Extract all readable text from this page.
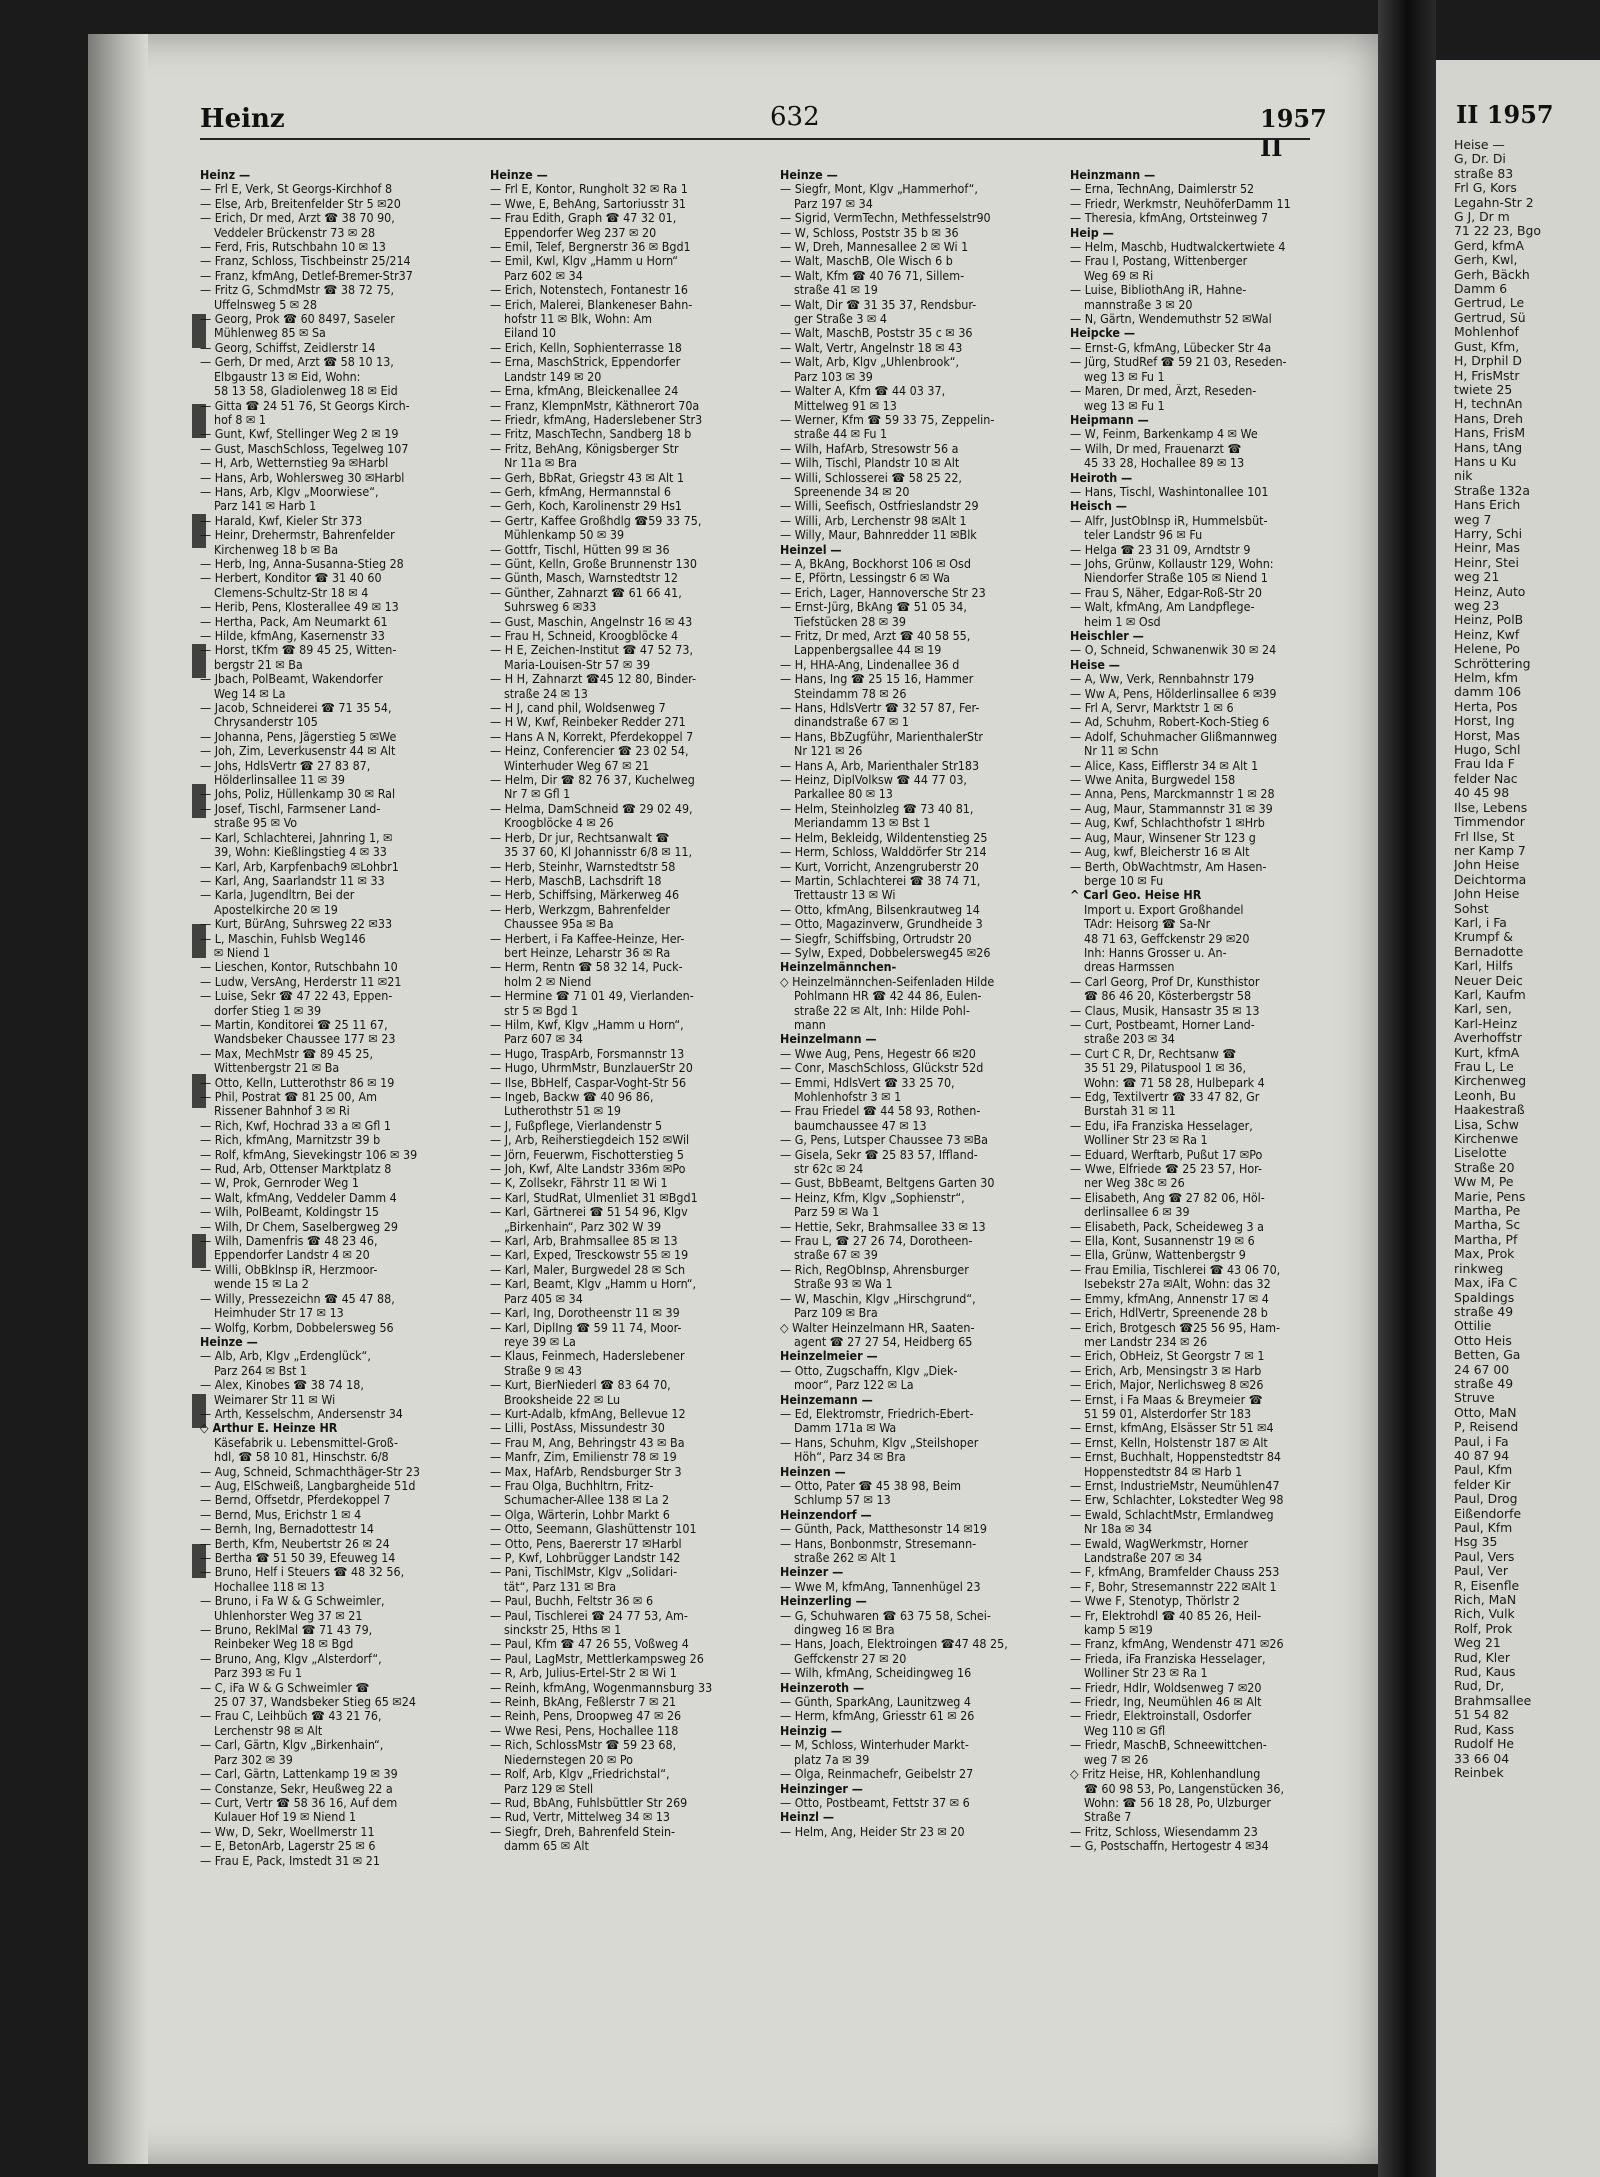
Heinz	632	1957 II
Heinz —
— Frl E, Verk, St Georgs-Kirchhof 8
— Else, Arb, Breitenfelder Str 5 ✉20
— Erich, Dr med, Arzt ☎ 38 70 90,
Veddeler Brückenstr 73 ✉ 28
— Ferd, Fris, Rutschbahn 10 ✉ 13
— Franz, Schloss, Tischbeinstr 25/214
— Franz, kfmAng, Detlef-Bremer-Str37
— Fritz G, SchmdMstr ☎ 38 72 75,
Uffelnsweg 5 ✉ 28
— Georg, Prok ☎ 60 8497, Saseler
Mühlenweg 85 ✉ Sa
— Georg, Schiffst, Zeidlerstr 14
— Gerh, Dr med, Arzt ☎ 58 10 13,
Elbgaustr 13 ✉ Eid, Wohn:
58 13 58, Gladiolenweg 18 ✉ Eid
— Gitta ☎ 24 51 76, St Georgs Kirch-
hof 8 ✉ 1
— Gunt, Kwf, Stellinger Weg 2 ✉ 19
— Gust, MaschSchloss, Tegelweg 107
— H, Arb, Wetternstieg 9a ✉Harbl
— Hans, Arb, Wohlersweg 30 ✉Harbl
— Hans, Arb, Klgv „Moorwiese“,
Parz 141 ✉ Harb 1
— Harald, Kwf, Kieler Str 373
— Heinr, Drehermstr, Bahrenfelder
Kirchenweg 18 b ✉ Ba
— Herb, Ing, Anna-Susanna-Stieg 28
— Herbert, Konditor ☎ 31 40 60
Clemens-Schultz-Str 18 ✉ 4
— Herib, Pens, Klosterallee 49 ✉ 13
— Hertha, Pack, Am Neumarkt 61
— Hilde, kfmAng, Kasernenstr 33
— Horst, tKfm ☎ 89 45 25, Witten-
bergstr 21 ✉ Ba
— Jbach, PolBeamt, Wakendorfer
Weg 14 ✉ La
— Jacob, Schneiderei ☎ 71 35 54,
Chrysanderstr 105
— Johanna, Pens, Jägerstieg 5 ✉We
— Joh, Zim, Leverkusenstr 44 ✉ Alt
— Johs, HdlsVertr ☎ 27 83 87,
Hölderlinsallee 11 ✉ 39
— Johs, Poliz, Hüllenkamp 30 ✉ Ral
— Josef, Tischl, Farmsener Land-
straße 95 ✉ Vo
— Karl, Schlachterei, Jahnring 1, ✉
39, Wohn: Kießlingstieg 4 ✉ 33
— Karl, Arb, Karpfenbach9 ✉Lohbr1
— Karl, Ang, Saarlandstr 11 ✉ 33
— Karla, Jugendltrn, Bei der
Apostelkirche 20 ✉ 19
— Kurt, BürAng, Suhrsweg 22 ✉33
— L, Maschin, Fuhlsb Weg146
✉ Niend 1
— Lieschen, Kontor, Rutschbahn 10
— Ludw, VersAng, Herderstr 11 ✉21
— Luise, Sekr ☎ 47 22 43, Eppen-
dorfer Stieg 1 ✉ 39
— Martin, Konditorei ☎ 25 11 67,
Wandsbeker Chaussee 177 ✉ 23
— Max, MechMstr ☎ 89 45 25,
Wittenbergstr 21 ✉ Ba
— Otto, Kelln, Lutterothstr 86 ✉ 19
— Phil, Postrat ☎ 81 25 00, Am
Rissener Bahnhof 3 ✉ Ri
— Rich, Kwf, Hochrad 33 a ✉ Gfl 1
— Rich, kfmAng, Marnitzstr 39 b
— Rolf, kfmAng, Sievekingstr 106 ✉ 39
— Rud, Arb, Ottenser Marktplatz 8
— W, Prok, Gernroder Weg 1
— Walt, kfmAng, Veddeler Damm 4
— Wilh, PolBeamt, Koldingstr 15
— Wilh, Dr Chem, Saselbergweg 29
— Wilh, Damenfris ☎ 48 23 46,
Eppendorfer Landstr 4 ✉ 20
— Willi, ObBklnsp iR, Herzmoor-
wende 15 ✉ La 2
— Willy, Pressezeichn ☎ 45 47 88,
Heimhuder Str 17 ✉ 13
— Wolfg, Korbm, Dobbelersweg 56
Heinze —
— Alb, Arb, Klgv „Erdenglück“,
Parz 264 ✉ Bst 1
— Alex, Kinobes ☎ 38 74 18,
Weimarer Str 11 ✉ Wi
— Arth, Kesselschm, Andersenstr 34
◇ Arthur E. Heinze HR
Käsefabrik u. Lebensmittel-Groß-
hdl, ☎ 58 10 81, Hinschstr. 6/8
— Aug, Schneid, Schmachthäger-Str 23
— Aug, ElSchweiß, Langbargheide 51d
— Bernd, Offsetdr, Pferdekoppel 7
— Bernd, Mus, Erichstr 1 ✉ 4
— Bernh, Ing, Bernadottestr 14
— Berth, Kfm, Neubertstr 26 ✉ 24
— Bertha ☎ 51 50 39, Efeuweg 14
— Bruno, Helf i Steuers ☎ 48 32 56,
Hochallee 118 ✉ 13
— Bruno, i Fa W & G Schweimler,
Uhlenhorster Weg 37 ✉ 21
— Bruno, ReklMal ☎ 71 43 79,
Reinbeker Weg 18 ✉ Bgd
— Bruno, Ang, Klgv „Alsterdorf“,
Parz 393 ✉ Fu 1
— C, iFa W & G Schweimler ☎
25 07 37, Wandsbeker Stieg 65 ✉24
— Frau C, Leihbüch ☎ 43 21 76,
Lerchenstr 98 ✉ Alt
— Carl, Gärtn, Klgv „Birkenhain“,
Parz 302 ✉ 39
— Carl, Gärtn, Lattenkamp 19 ✉ 39
— Constanze, Sekr, Heußweg 22 a
— Curt, Vertr ☎ 58 36 16, Auf dem
Kulauer Hof 19 ✉ Niend 1
— Ww, D, Sekr, Woellmerstr 11
— E, BetonArb, Lagerstr 25 ✉ 6
— Frau E, Pack, Imstedt 31 ✉ 21
Heinze —
— Frl E, Kontor, Rungholt 32 ✉ Ra 1
— Wwe, E, BehAng, Sartoriusstr 31
— Frau Edith, Graph ☎ 47 32 01,
Eppendorfer Weg 237 ✉ 20
— Emil, Telef, Bergnerstr 36 ✉ Bgd1
— Emil, Kwl, Klgv „Hamm u Horn“
Parz 602 ✉ 34
— Erich, Notenstech, Fontanestr 16
— Erich, Malerei, Blankeneser Bahn-
hofstr 11 ✉ Blk, Wohn: Am
Eiland 10
— Erich, Kelln, Sophienterrasse 18
— Erna, MaschStrick, Eppendorfer
Landstr 149 ✉ 20
— Erna, kfmAng, Bleickenallee 24
— Franz, KlempnMstr, Käthnerort 70a
— Friedr, kfmAng, Haderslebener Str3
— Fritz, MaschTechn, Sandberg 18 b
— Fritz, BehAng, Königsberger Str
Nr 11a ✉ Bra
— Gerh, BbRat, Griegstr 43 ✉ Alt 1
— Gerh, kfmAng, Hermannstal 6
— Gerh, Koch, Karolinenstr 29 Hs1
— Gertr, Kaffee Großhdlg ☎59 33 75,
Mühlenkamp 50 ✉ 39
— Gottfr, Tischl, Hütten 99 ✉ 36
— Günt, Kelln, Große Brunnenstr 130
— Günth, Masch, Warnstedtstr 12
— Günther, Zahnarzt ☎ 61 66 41,
Suhrsweg 6 ✉33
— Gust, Maschin, Angelnstr 16 ✉ 43
— Frau H, Schneid, Kroogblöcke 4
— H E, Zeichen-Institut ☎ 47 52 73,
Maria-Louisen-Str 57 ✉ 39
— H H, Zahnarzt ☎45 12 80, Binder-
straße 24 ✉ 13
— H J, cand phil, Woldsenweg 7
— H W, Kwf, Reinbeker Redder 271
— Hans A N, Korrekt, Pferdekoppel 7
— Heinz, Conferencier ☎ 23 02 54,
Winterhuder Weg 67 ✉ 21
— Helm, Dir ☎ 82 76 37, Kuchelweg
Nr 7 ✉ Gfl 1
— Helma, DamSchneid ☎ 29 02 49,
Kroogblöcke 4 ✉ 26
— Herb, Dr jur, Rechtsanwalt ☎
35 37 60, Kl Johannisstr 6/8 ✉ 11,
— Herb, Steinhr, Warnstedtstr 58
— Herb, MaschB, Lachsdrift 18
— Herb, Schiffsing, Märkerweg 46
— Herb, Werkzgm, Bahrenfelder
Chaussee 95a ✉ Ba
— Herbert, i Fa Kaffee-Heinze, Her-
bert Heinze, Leharstr 36 ✉ Ra
— Herm, Rentn ☎ 58 32 14, Puck-
holm 2 ✉ Niend
— Hermine ☎ 71 01 49, Vierlanden-
str 5 ✉ Bgd 1
— Hilm, Kwf, Klgv „Hamm u Horn“,
Parz 607 ✉ 34
— Hugo, TraspArb, Forsmannstr 13
— Hugo, UhrmMstr, BunzlauerStr 20
— Ilse, BbHelf, Caspar-Voght-Str 56
— Ingeb, Backw ☎ 40 96 86,
Lutherothstr 51 ✉ 19
— J, Fußpflege, Vierlandenstr 5
— J, Arb, Reiherstiegdeich 152 ✉Wil
— Jörn, Feuerwm, Fischotterstieg 5
— Joh, Kwf, Alte Landstr 336m ✉Po
— K, Zollsekr, Fährstr 11 ✉ Wi 1
— Karl, StudRat, Ulmenliet 31 ✉Bgd1
— Karl, Gärtnerei ☎ 51 54 96, Klgv
„Birkenhain“, Parz 302 W 39
— Karl, Arb, Brahmsallee 85 ✉ 13
— Karl, Exped, Tresckowstr 55 ✉ 19
— Karl, Maler, Burgwedel 28 ✉ Sch
— Karl, Beamt, Klgv „Hamm u Horn“,
Parz 405 ✉ 34
— Karl, Ing, Dorotheenstr 11 ✉ 39
— Karl, DiplIng ☎ 59 11 74, Moor-
reye 39 ✉ La
— Klaus, Feinmech, Haderslebener
Straße 9 ✉ 43
— Kurt, BierNiederl ☎ 83 64 70,
Brooksheide 22 ✉ Lu
— Kurt-Adalb, kfmAng, Bellevue 12
— Lilli, PostAss, Missundestr 30
— Frau M, Ang, Behringstr 43 ✉ Ba
— Manfr, Zim, Emilienstr 78 ✉ 19
— Max, HafArb, Rendsburger Str 3
— Frau Olga, Buchhltrn, Fritz-
Schumacher-Allee 138 ✉ La 2
— Olga, Wärterin, Lohbr Markt 6
— Otto, Seemann, Glashüttenstr 101
— Otto, Pens, Baererstr 17 ✉Harbl
— P, Kwf, Lohbrügger Landstr 142
— Pani, TischlMstr, Klgv „Solidari-
tät“, Parz 131 ✉ Bra
— Paul, Buchh, Feltstr 36 ✉ 6
— Paul, Tischlerei ☎ 24 77 53, Am-
sinckstr 25, Hths ✉ 1
— Paul, Kfm ☎ 47 26 55, Voßweg 4
— Paul, LagMstr, Mettlerkampsweg 26
— R, Arb, Julius-Ertel-Str 2 ✉ Wi 1
— Reinh, kfmAng, Wogenmannsburg 33
— Reinh, BkAng, Feßlerstr 7 ✉ 21
— Reinh, Pens, Droopweg 47 ✉ 26
— Wwe Resi, Pens, Hochallee 118
— Rich, SchlossMstr ☎ 59 23 68,
Niedernstegen 20 ✉ Po
— Rolf, Arb, Klgv „Friedrichstal“,
Parz 129 ✉ Stell
— Rud, BbAng, Fuhlsbüttler Str 269
— Rud, Vertr, Mittelweg 34 ✉ 13
— Siegfr, Dreh, Bahrenfeld Stein-
damm 65 ✉ Alt
Heinze —
— Siegfr, Mont, Klgv „Hammerhof“,
Parz 197 ✉ 34
— Sigrid, VermTechn, Methfesselstr90
— W, Schloss, Poststr 35 b ✉ 36
— W, Dreh, Mannesallee 2 ✉ Wi 1
— Walt, MaschB, Ole Wisch 6 b
— Walt, Kfm ☎ 40 76 71, Sillem-
straße 41 ✉ 19
— Walt, Dir ☎ 31 35 37, Rendsbur-
ger Straße 3 ✉ 4
— Walt, MaschB, Poststr 35 c ✉ 36
— Walt, Vertr, Angelnstr 18 ✉ 43
— Walt, Arb, Klgv „Uhlenbrook“,
Parz 103 ✉ 39
— Walter A, Kfm ☎ 44 03 37,
Mittelweg 91 ✉ 13
— Werner, Kfm ☎ 59 33 75, Zeppelin-
straße 44 ✉ Fu 1
— Wilh, HafArb, Stresowstr 56 a
— Wilh, Tischl, Plandstr 10 ✉ Alt
— Willi, Schlosserei ☎ 58 25 22,
Spreenende 34 ✉ 20
— Willi, Seefisch, Ostfrieslandstr 29
— Willi, Arb, Lerchenstr 98 ✉Alt 1
— Willy, Maur, Bahnredder 11 ✉Blk
Heinzel —
— A, BkAng, Bockhorst 106 ✉ Osd
— E, Pförtn, Lessingstr 6 ✉ Wa
— Erich, Lager, Hannoversche Str 23
— Ernst-Jürg, BkAng ☎ 51 05 34,
Tiefstücken 28 ✉ 39
— Fritz, Dr med, Arzt ☎ 40 58 55,
Lappenbergsallee 44 ✉ 19
— H, HHA-Ang, Lindenallee 36 d
— Hans, Ing ☎ 25 15 16, Hammer
Steindamm 78 ✉ 26
— Hans, HdlsVertr ☎ 32 57 87, Fer-
dinandstraße 67 ✉ 1
— Hans, BbZugführ, MarienthalerStr
Nr 121 ✉ 26
— Hans A, Arb, Marienthaler Str183
— Heinz, DiplVolksw ☎ 44 77 03,
Parkallee 80 ✉ 13
— Helm, Steinholzleg ☎ 73 40 81,
Meriandamm 13 ✉ Bst 1
— Helm, Bekleidg, Wildentenstieg 25
— Herm, Schloss, Walddörfer Str 214
— Kurt, Vorricht, Anzengruberstr 20
— Martin, Schlachterei ☎ 38 74 71,
Trettaustr 13 ✉ Wi
— Otto, kfmAng, Bilsenkrautweg 14
— Otto, Magazinverw, Grundheide 3
— Siegfr, Schiffsbing, Ortrudstr 20
— Sylw, Exped, Dobbelersweg45 ✉26
Heinzelmännchen-
◇ Heinzelmännchen-Seifenladen Hilde
Pohlmann HR ☎ 42 44 86, Eulen-
straße 22 ✉ Alt, Inh: Hilde Pohl-
mann
Heinzelmann —
— Wwe Aug, Pens, Hegestr 66 ✉20
— Conr, MaschSchloss, Glückstr 52d
— Emmi, HdlsVert ☎ 33 25 70,
Mohlenhofstr 3 ✉ 1
— Frau Friedel ☎ 44 58 93, Rothen-
baumchaussee 47 ✉ 13
— G, Pens, Lutsper Chaussee 73 ✉Ba
— Gisela, Sekr ☎ 25 83 57, Iffland-
str 62c ✉ 24
— Gust, BbBeamt, Beltgens Garten 30
— Heinz, Kfm, Klgv „Sophienstr“,
Parz 59 ✉ Wa 1
— Hettie, Sekr, Brahmsallee 33 ✉ 13
— Frau L, ☎ 27 26 74, Dorotheen-
straße 67 ✉ 39
— Rich, RegObInsp, Ahrensburger
Straße 93 ✉ Wa 1
— W, Maschin, Klgv „Hirschgrund“,
Parz 109 ✉ Bra
◇ Walter Heinzelmann HR, Saaten-
agent ☎ 27 27 54, Heidberg 65
Heinzelmeier —
— Otto, Zugschaffn, Klgv „Diek-
moor“, Parz 122 ✉ La
Heinzemann —
— Ed, Elektromstr, Friedrich-Ebert-
Damm 171a ✉ Wa
— Hans, Schuhm, Klgv „Steilshoper
Höh“, Parz 34 ✉ Bra
Heinzen —
— Otto, Pater ☎ 45 38 98, Beim
Schlump 57 ✉ 13
Heinzendorf —
— Günth, Pack, Matthesonstr 14 ✉19
— Hans, Bonbonmstr, Stresemann-
straße 262 ✉ Alt 1
Heinzer —
— Wwe M, kfmAng, Tannenhügel 23
Heinzerling —
— G, Schuhwaren ☎ 63 75 58, Schei-
dingweg 16 ✉ Bra
— Hans, Joach, Elektroingen ☎47 48 25,
Geffckenstr 27 ✉ 20
— Wilh, kfmAng, Scheidingweg 16
Heinzeroth —
— Günth, SparkAng, Launitzweg 4
— Herm, kfmAng, Griesstr 61 ✉ 26
Heinzig —
— M, Schloss, Winterhuder Markt-
platz 7a ✉ 39
— Olga, Reinmachefr, Geibelstr 27
Heinzinger —
— Otto, Postbeamt, Fettstr 37 ✉ 6
Heinzl —
— Helm, Ang, Heider Str 23 ✉ 20
Heinzmann —
— Erna, TechnAng, Daimlerstr 52
— Friedr, Werkmstr, NeuhöferDamm 11
— Theresia, kfmAng, Ortsteinweg 7
Heip —
— Helm, Maschb, Hudtwalckertwiete 4
— Frau I, Postang, Wittenberger
Weg 69 ✉ Ri
— Luise, BibliothAng iR, Hahne-
mannstraße 3 ✉ 20
— N, Gärtn, Wendemuthstr 52 ✉Wal
Heipcke —
— Ernst-G, kfmAng, Lübecker Str 4a
— Jürg, StudRef ☎ 59 21 03, Reseden-
weg 13 ✉ Fu 1
— Maren, Dr med, Ärzt, Reseden-
weg 13 ✉ Fu 1
Heipmann —
— W, Feinm, Barkenkamp 4 ✉ We
— Wilh, Dr med, Frauenarzt ☎
45 33 28, Hochallee 89 ✉ 13
Heiroth —
— Hans, Tischl, Washintonallee 101
Heisch —
— Alfr, JustObInsp iR, Hummelsbüt-
teler Landstr 96 ✉ Fu
— Helga ☎ 23 31 09, Arndtstr 9
— Johs, Grünw, Kollaustr 129, Wohn:
Niendorfer Straße 105 ✉ Niend 1
— Frau S, Näher, Edgar-Roß-Str 20
— Walt, kfmAng, Am Landpflege-
heim 1 ✉ Osd
Heischler —
— O, Schneid, Schwanenwik 30 ✉ 24
Heise —
— A, Ww, Verk, Rennbahnstr 179
— Ww A, Pens, Hölderlinsallee 6 ✉39
— Frl A, Servr, Marktstr 1 ✉ 6
— Ad, Schuhm, Robert-Koch-Stieg 6
— Adolf, Schuhmacher Glißmannweg
Nr 11 ✉ Schn
— Alice, Kass, Eifflerstr 34 ✉ Alt 1
— Wwe Anita, Burgwedel 158
— Anna, Pens, Marckmannstr 1 ✉ 28
— Aug, Maur, Stammannstr 31 ✉ 39
— Aug, Kwf, Schlachthofstr 1 ✉Hrb
— Aug, Maur, Winsener Str 123 g
— Aug, kwf, Bleicherstr 16 ✉ Alt
— Berth, ObWachtmstr, Am Hasen-
berge 10 ✉ Fu
^ Carl Geo. Heise HR
Import u. Export Großhandel
TAdr: Heisorg ☎ Sa-Nr
48 71 63, Geffckenstr 29 ✉20
Inh: Hanns Grosser u. An-
dreas Harmssen
— Carl Georg, Prof Dr, Kunsthistor
☎ 86 46 20, Kösterbergstr 58
— Claus, Musik, Hansastr 35 ✉ 13
— Curt, Postbeamt, Horner Land-
straße 203 ✉ 34
— Curt C R, Dr, Rechtsanw ☎
35 51 29, Pilatuspool 1 ✉ 36,
Wohn: ☎ 71 58 28, Hulbepark 4
— Edg, Textilvertr ☎ 33 47 82, Gr
Burstah 31 ✉ 11
— Edu, iFa Franziska Hesselager,
Wolliner Str 23 ✉ Ra 1
— Eduard, Werftarb, Pußut 17 ✉Po
— Wwe, Elfriede ☎ 25 23 57, Hor-
ner Weg 38c ✉ 26
— Elisabeth, Ang ☎ 27 82 06, Höl-
derlinsallee 6 ✉ 39
— Elisabeth, Pack, Scheideweg 3 a
— Ella, Kont, Susannenstr 19 ✉ 6
— Ella, Grünw, Wattenbergstr 9
— Frau Emilia, Tischlerei ☎ 43 06 70,
Isebekstr 27a ✉Alt, Wohn: das 32
— Emmy, kfmAng, Annenstr 17 ✉ 4
— Erich, HdlVertr, Spreenende 28 b
— Erich, Brotgesch ☎25 56 95, Ham-
mer Landstr 234 ✉ 26
— Erich, ObHeiz, St Georgstr 7 ✉ 1
— Erich, Arb, Mensingstr 3 ✉ Harb
— Erich, Major, Nerlichsweg 8 ✉26
— Ernst, i Fa Maas & Breymeier ☎
51 59 01, Alsterdorfer Str 183
— Ernst, kfmAng, Elsässer Str 51 ✉4
— Ernst, Kelln, Holstenstr 187 ✉ Alt
— Ernst, Buchhalt, Hoppenstedtstr 84
Hoppenstedtstr 84 ✉ Harb 1
— Ernst, IndustrieMstr, Neumühlen47
— Erw, Schlachter, Lokstedter Weg 98
— Ewald, SchlachtMstr, Ermlandweg
Nr 18a ✉ 34
— Ewald, WagWerkmstr, Horner
Landstraße 207 ✉ 34
— F, kfmAng, Bramfelder Chauss 253
— F, Bohr, Stresemannstr 222 ✉Alt 1
— Wwe F, Stenotyp, Thörlstr 2
— Fr, Elektrohdl ☎ 40 85 26, Heil-
kamp 5 ✉19
— Franz, kfmAng, Wendenstr 471 ✉26
— Frieda, iFa Franziska Hesselager,
Wolliner Str 23 ✉ Ra 1
— Friedr, Hdlr, Woldsenweg 7 ✉20
— Friedr, Ing, Neumühlen 46 ✉ Alt
— Friedr, Elektroinstall, Osdorfer
Weg 110 ✉ Gfl
— Friedr, MaschB, Schneewittchen-
weg 7 ✉ 26
◇ Fritz Heise, HR, Kohlenhandlung
☎ 60 98 53, Po, Langenstücken 36,
Wohn: ☎ 56 18 28, Po, Ulzburger
Straße 7
— Fritz, Schloss, Wiesendamm 23
— G, Postschaffn, Hertogestr 4 ✉34
II 1957
Heise —
G, Dr. Di
straße 83
Frl G, Kors
Legahn-Str 2
G J, Dr m
71 22 23, Bgo
Gerd, kfmA
Gerh, Kwl,
Gerh, Bäckh
Damm 6
Gertrud, Le
Gertrud, Sü
Mohlenhof
Gust, Kfm,
H, Drphil D
H, FrisMstr
twiete 25
H, technAn
Hans, Dreh
Hans, FrisM
Hans, tAng
Hans u Ku
nik
Straße 132a
Hans Erich
weg 7
Harry, Schi
Heinr, Mas
Heinr, Stei
weg 21
Heinz, Auto
weg 23
Heinz, PolB
Heinz, Kwf
Helene, Po
Schröttering
Helm, kfm
damm 106
Herta, Pos
Horst, Ing
Horst, Mas
Hugo, Schl
Frau Ida F
felder Nac
40 45 98
Ilse, Lebens
Timmendor
Frl Ilse, St
ner Kamp 7
John Heise
Deichtorma
John Heise
Sohst
Karl, i Fa
Krumpf &
Bernadotte
Karl, Hilfs
Neuer Deic
Karl, Kaufm
Karl, sen,
Karl-Heinz
Averhoffstr
Kurt, kfmA
Frau L, Le
Kirchenweg
Leonh, Bu
Haakestraß
Lisa, Schw
Kirchenwe
Liselotte
Straße 20
Ww M, Pe
Marie, Pens
Martha, Pe
Martha, Sc
Martha, Pf
Max, Prok
rinkweg
Max, iFa C
Spaldings
straße 49
Ottilie
Otto Heis
Betten, Ga
24 67 00
straße 49
Struve
Otto, MaN
P, Reisend
Paul, i Fa
40 87 94
Paul, Kfm
felder Kir
Paul, Drog
Eißendorfe
Paul, Kfm
Hsg 35
Paul, Vers
Paul, Ver
R, Eisenfle
Rich, MaN
Rich, Vulk
Rolf, Prok
Weg 21
Rud, Kler
Rud, Kaus
Rud, Dr,
Brahmsallee
51 54 82
Rud, Kass
Rudolf He
33 66 04
Reinbek
